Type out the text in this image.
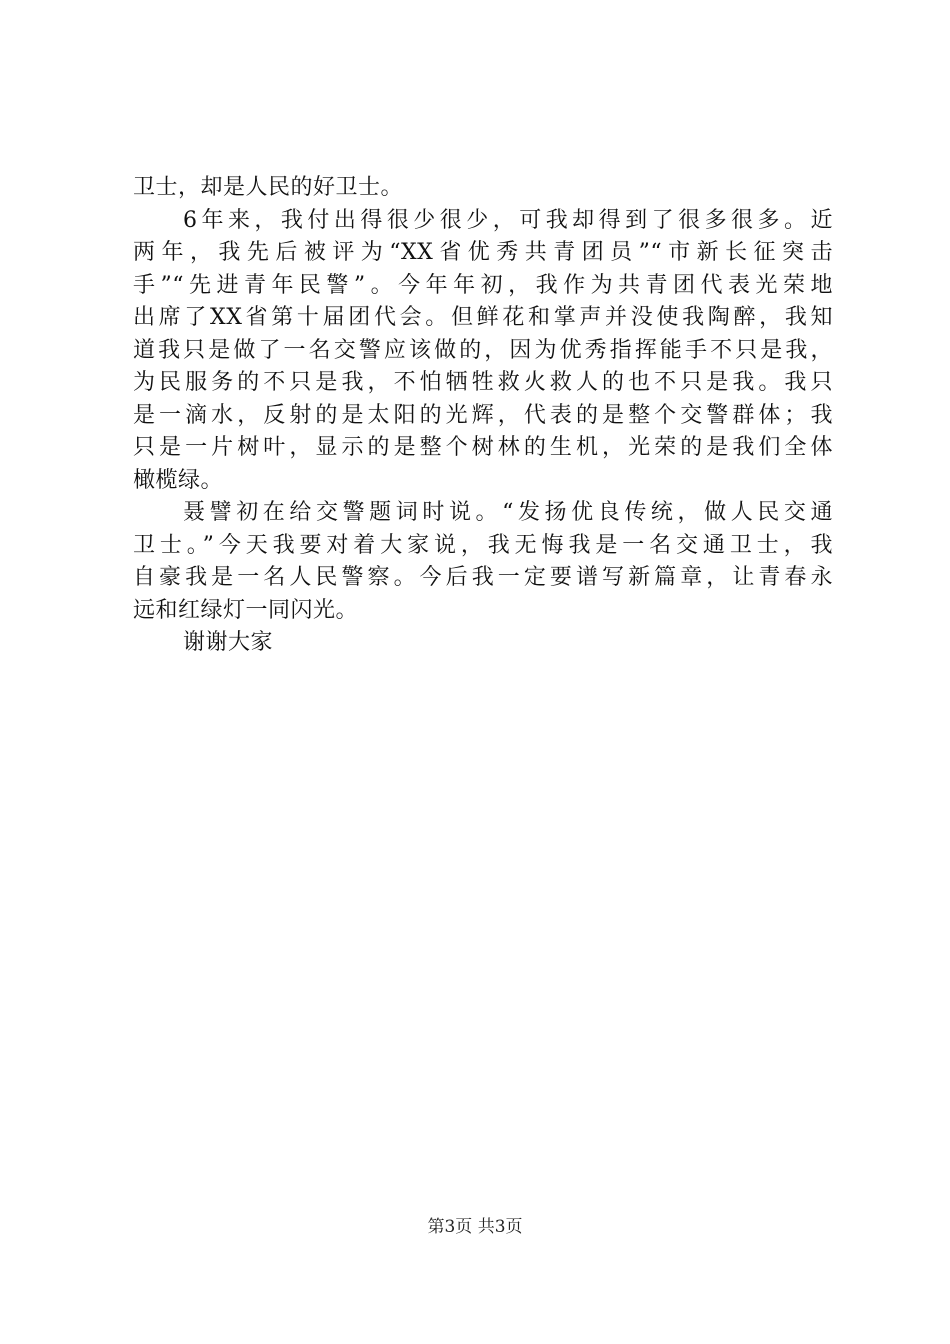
卫士，却是人民的好卫士。
6年来，我付出得很少很少，可我却得到了很多很多。近
两年，我先后被评为“XX省优秀共青团员”“市新长征突击
手”“先进青年民警”。今年年初，我作为共青团代表光荣地
出席了XX省第十届团代会。但鲜花和掌声并没使我陶醉，我知
道我只是做了一名交警应该做的，因为优秀指挥能手不只是我，
为民服务的不只是我，不怕牺牲救火救人的也不只是我。我只
是一滴水，反射的是太阳的光辉，代表的是整个交警群体；我
只是一片树叶，显示的是整个树林的生机，光荣的是我们全体
橄榄绿。
聂譬初在给交警题词时说。“发扬优良传统，做人民交通
卫士。”今天我要对着大家说，我无悔我是一名交通卫士，我
自豪我是一名人民警察。今后我一定要谱写新篇章，让青春永
远和红绿灯一同闪光。
谢谢大家
第3页 共3页
